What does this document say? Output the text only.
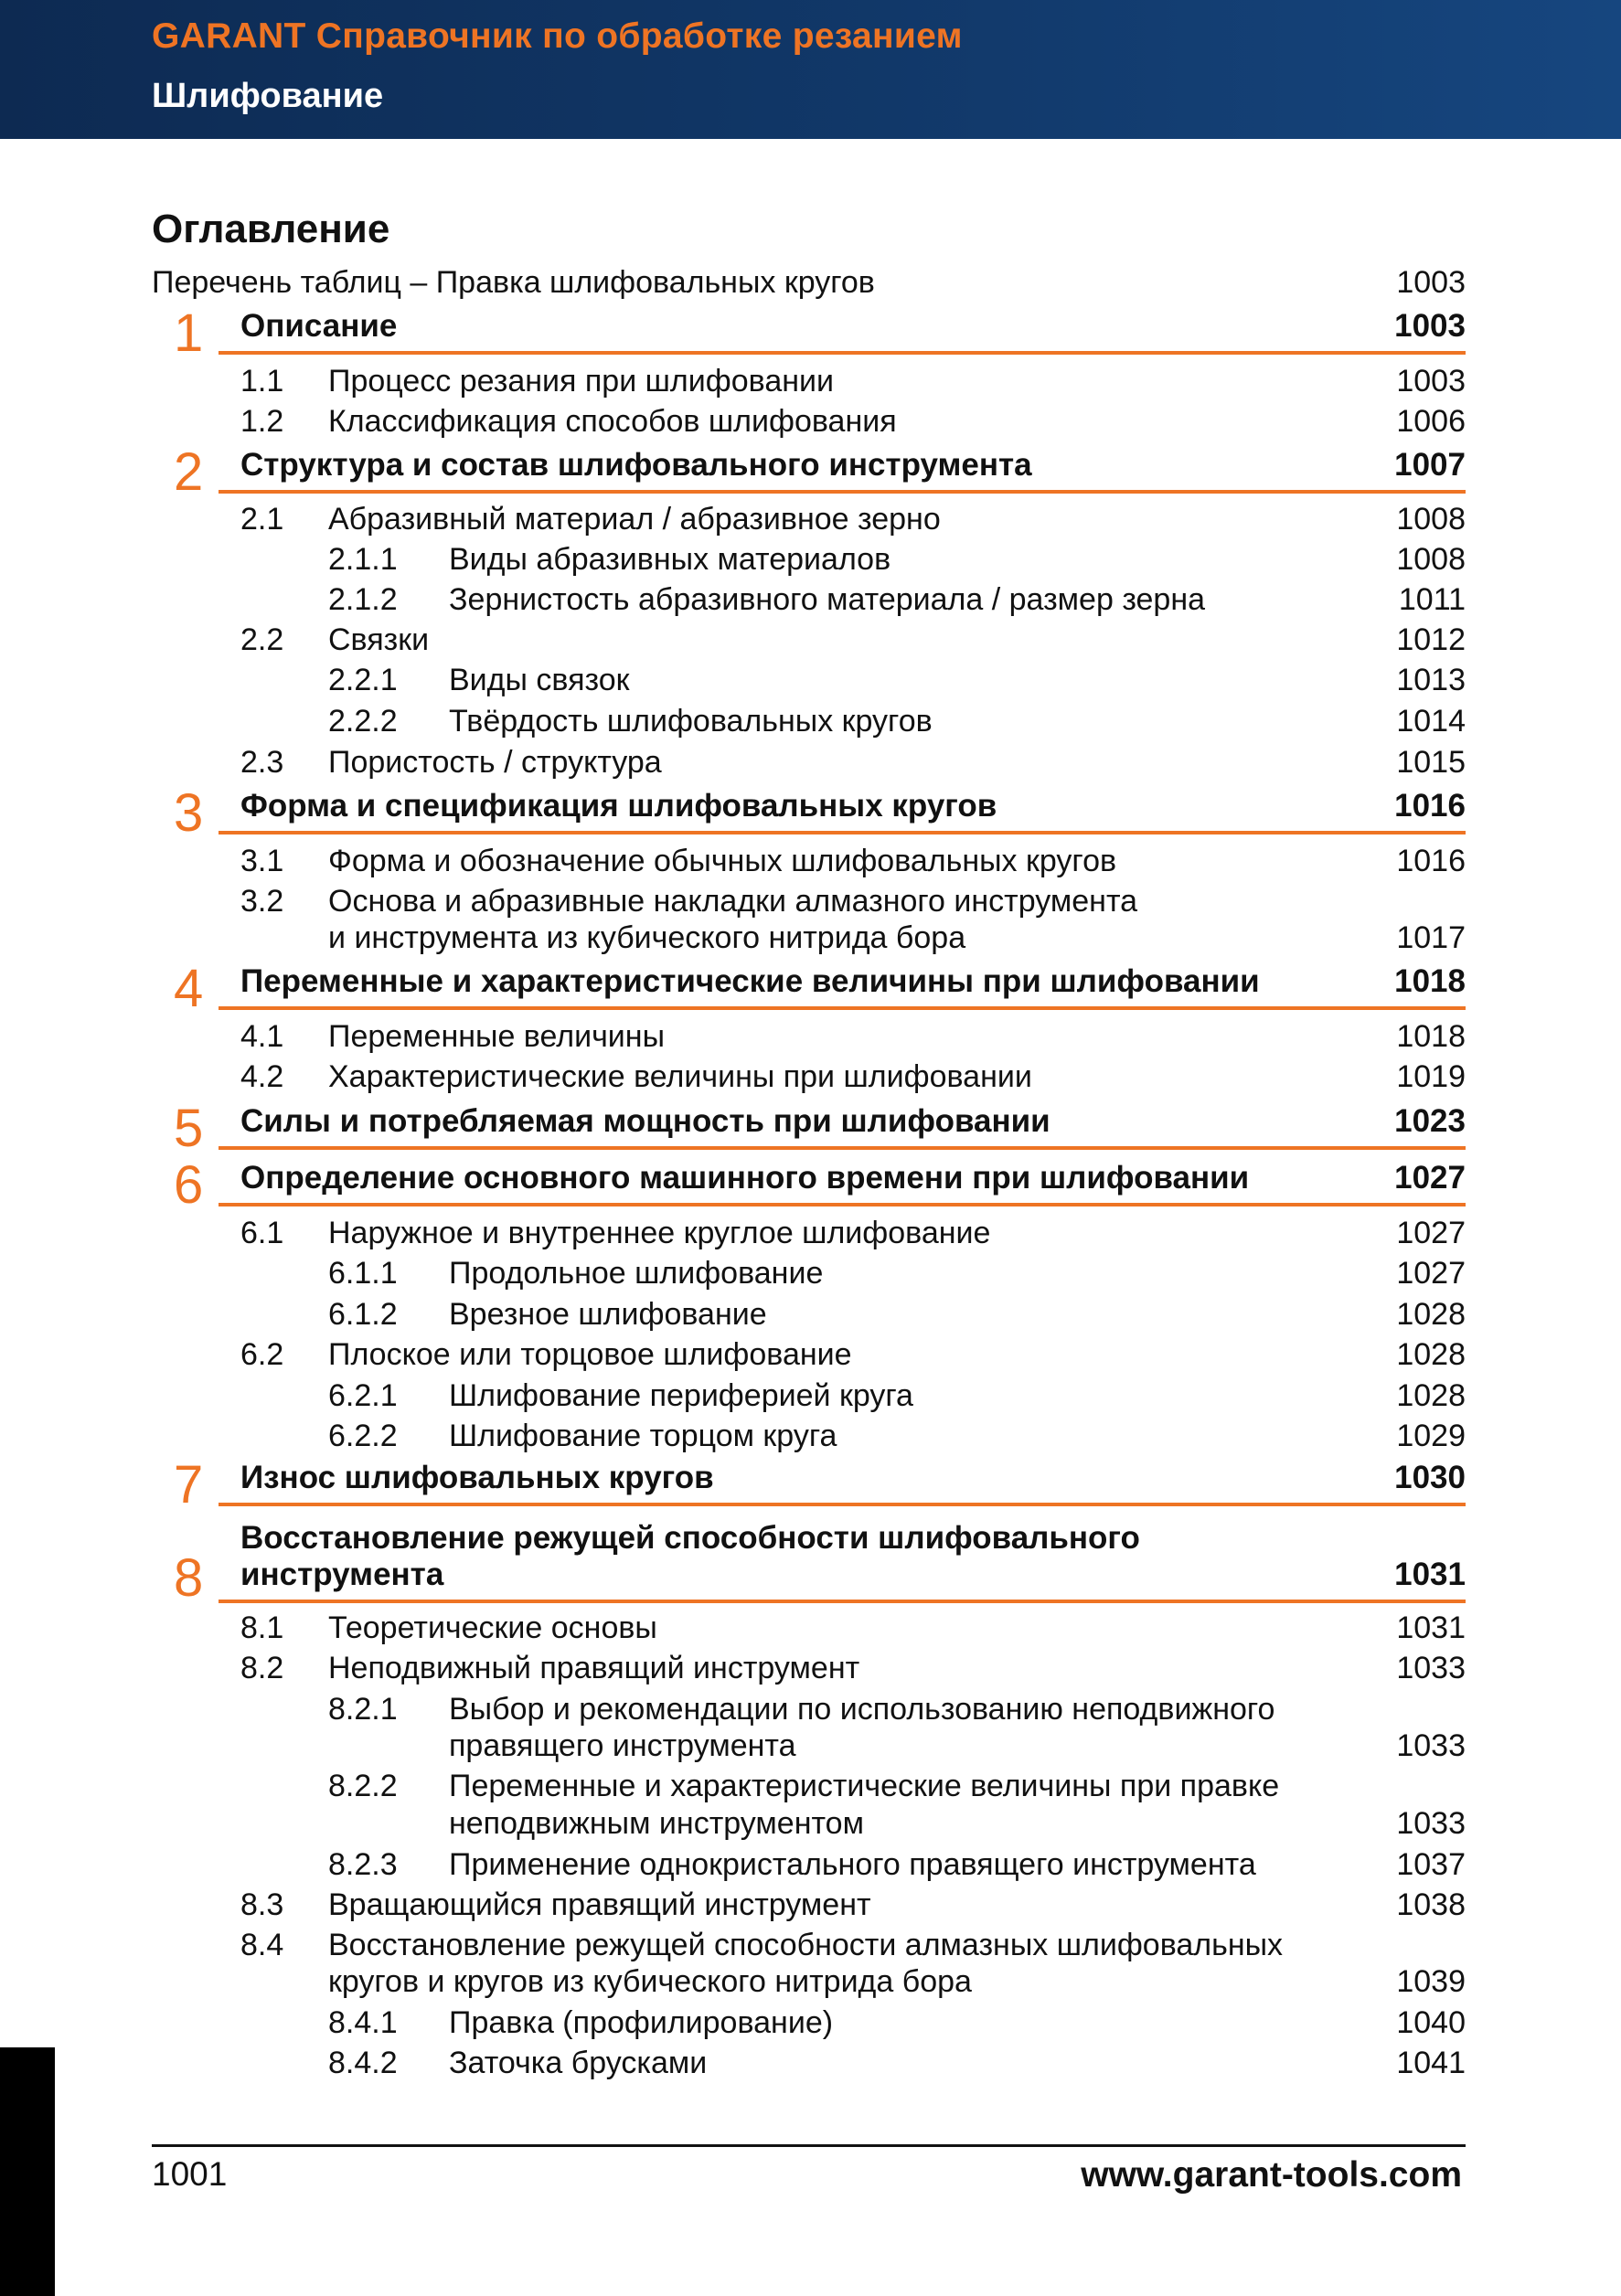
GARANT Справочник по обработке резанием
Шлифование
Оглавление
Перечень таблиц – Правка шлифовальных кругов	1003
1 Описание	1003
1.1 Процесс резания при шлифовании	1003
1.2 Классификация способов шлифования	1006
2 Структура и состав шлифовального инструмента	1007
2.1 Абразивный материал / абразивное зерно	1008
2.1.1 Виды абразивных материалов	1008
2.1.2 Зернистость абразивного материала / размер зерна	1011
2.2 Связки	1012
2.2.1 Виды связок	1013
2.2.2 Твёрдость шлифовальных кругов	1014
2.3 Пористость / структура	1015
3 Форма и спецификация шлифовальных кругов	1016
3.1 Форма и обозначение обычных шлифовальных кругов	1016
3.2 Основа и абразивные накладки алмазного инструмента
и инструмента из кубического нитрида бора	1017
4 Переменные и характеристические величины при шлифовании	1018
4.1 Переменные величины	1018
4.2 Характеристические величины при шлифовании	1019
5 Силы и потребляемая мощность при шлифовании	1023
6 Определение основного машинного времени при шлифовании	1027
6.1 Наружное и внутреннее круглое шлифование	1027
6.1.1 Продольное шлифование	1027
6.1.2 Врезное шлифование	1028
6.2 Плоское или торцовое шлифование	1028
6.2.1 Шлифование периферией круга	1028
6.2.2 Шлифование торцом круга	1029
7 Износ шлифовальных кругов	1030
8
Восстановление режущей способности шлифовального
инструмента	1031
8.1 Теоретические основы	1031
8.2 Неподвижный правящий инструмент	1033
8.2.1 Выбор и рекомендации по использованию неподвижного
правящего инструмента	1033
8.2.2 Переменные и характеристические величины при правке
неподвижным инструментом	1033
8.2.3 Применение однокристального правящего инструмента	1037
8.3 Вращающийся правящий инструмент	1038
8.4 Восстановление режущей способности алмазных шлифовальных
кругов и кругов из кубического нитрида бора	1039
8.4.1 Правка (профилирование)	1040
8.4.2 Заточка брусками	1041
1001	www.garant-tools.com
